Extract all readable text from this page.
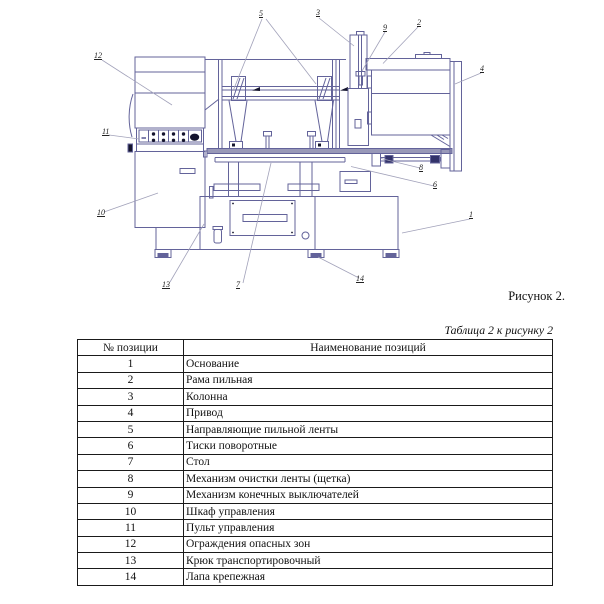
1
2
3
4
5
6
7
8
9
10
11
12
13
14
Рисунок 2.
Таблица 2 к рисунку 2
№ позиции	Наименование позиций
1	Основание
2	Рама пильная
3	Колонна
4	Привод
5	Направляющие пильной ленты
6	Тиски поворотные
7	Стол
8	Механизм очистки ленты (щетка)
9	Механизм конечных выключателей
10	Шкаф управления
11	Пульт управления
12	Ограждения опасных зон
13	Крюк транспортировочный
14	Лапа крепежная
